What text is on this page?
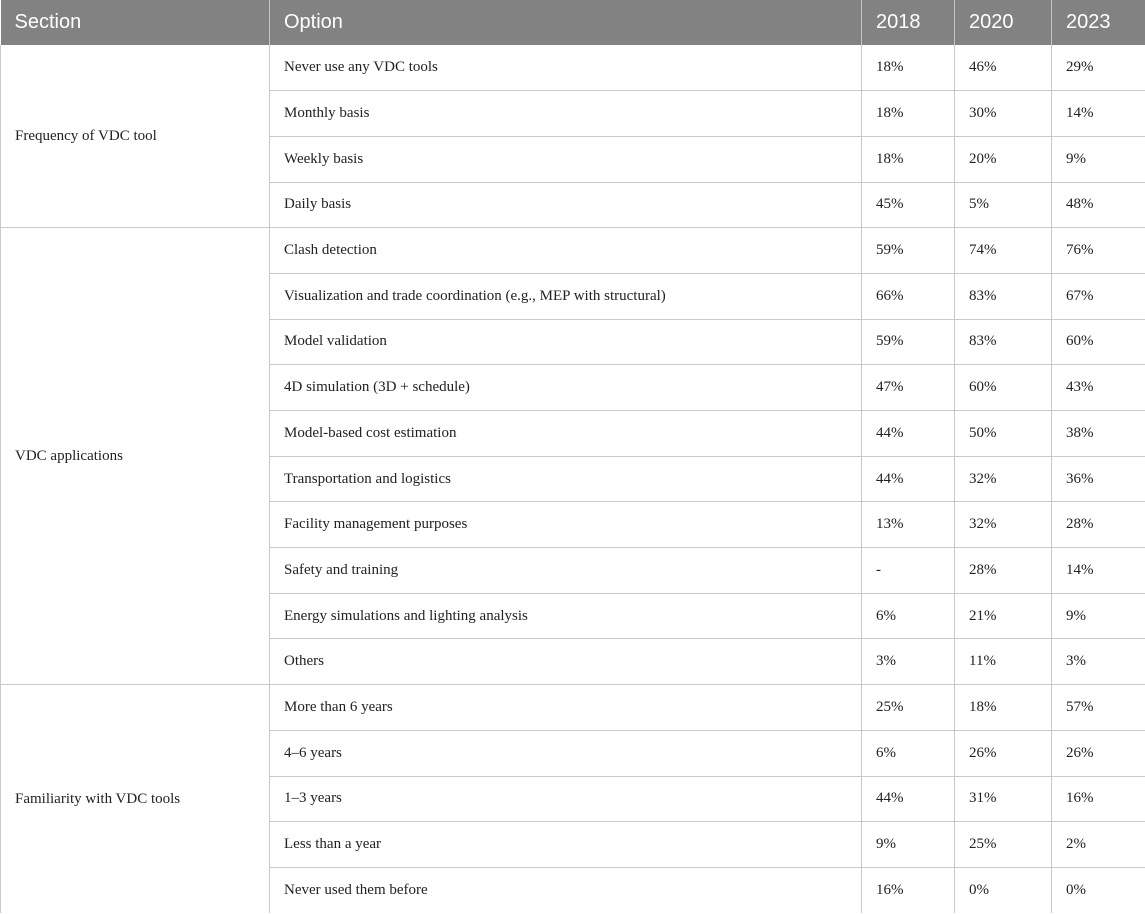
Section	Option	2018	2020	2023
Frequency of VDC tool	Never use any VDC tools	18%	46%	29%
	Monthly basis	18%	30%	14%
	Weekly basis	18%	20%	9%
	Daily basis	45%	5%	48%
VDC applications	Clash detection	59%	74%	76%
	Visualization and trade coordination (e.g., MEP with structural)	66%	83%	67%
	Model validation	59%	83%	60%
	4D simulation (3D + schedule)	47%	60%	43%
	Model-based cost estimation	44%	50%	38%
	Transportation and logistics	44%	32%	36%
	Facility management purposes	13%	32%	28%
	Safety and training	-	28%	14%
	Energy simulations and lighting analysis	6%	21%	9%
	Others	3%	11%	3%
Familiarity with VDC tools	More than 6 years	25%	18%	57%
	4–6 years	6%	26%	26%
	1–3 years	44%	31%	16%
	Less than a year	9%	25%	2%
	Never used them before	16%	0%	0%
